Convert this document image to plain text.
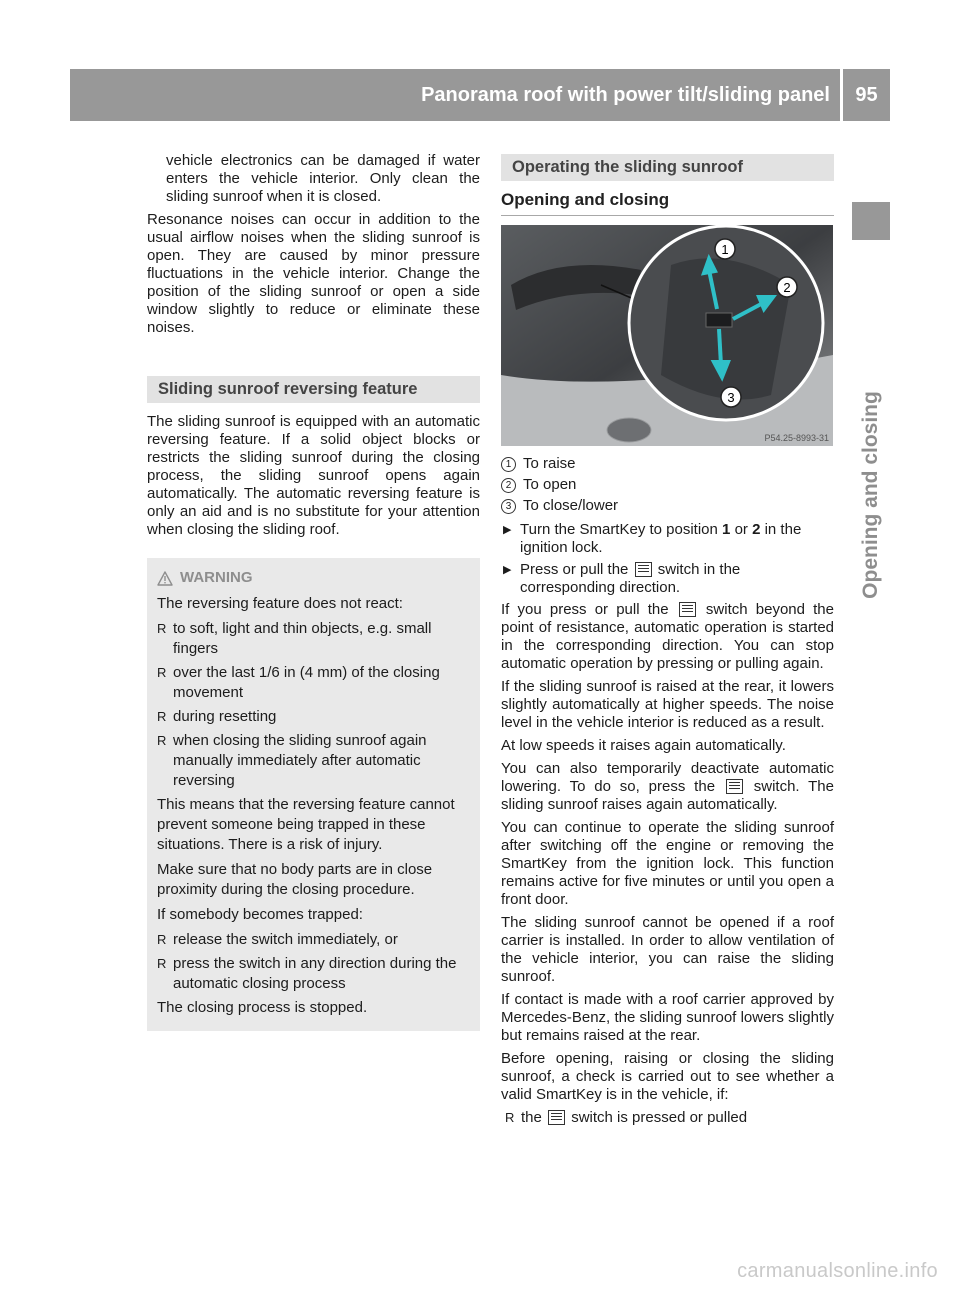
Panorama roof with power tilt/sliding panel	95
Opening and closing

vehicle electronics can be damaged if water enters the vehicle interior. Only clean the sliding sunroof when it is closed.

Resonance noises can occur in addition to the usual airflow noises when the sliding sunroof is open. They are caused by minor pressure fluctuations in the vehicle interior. Change the position of the sliding sunroof or open a side window slightly to reduce or eliminate these noises.

Sliding sunroof reversing feature

The sliding sunroof is equipped with an automatic reversing feature. If a solid object blocks or restricts the sliding sunroof during the closing process, the sliding sunroof opens again automatically. The automatic reversing feature is only an aid and is no substitute for your attention when closing the sliding roof.

WARNING

The reversing feature does not react:

R to soft, light and thin objects, e.g. small fingers
R over the last 1/6 in (4 mm) of the closing movement
R during resetting
R when closing the sliding sunroof again manually immediately after automatic reversing

This means that the reversing feature cannot prevent someone being trapped in these situations. There is a risk of injury.

Make sure that no body parts are in close proximity during the closing procedure.

If somebody becomes trapped:

R release the switch immediately, or
R press the switch in any direction during the automatic closing process

The closing process is stopped.

Operating the sliding sunroof
Opening and closing
1
2
3
P54.25-8993-31
1 To raise
2 To open
3 To close/lower
▶ Turn the SmartKey to position 1 or 2 in the ignition lock.
▶ Press or pull the switch in the corresponding direction.

If you press or pull the switch beyond the point of resistance, automatic operation is started in the corresponding direction. You can stop automatic operation by pressing or pulling again.

If the sliding sunroof is raised at the rear, it lowers slightly automatically at higher speeds. The noise level in the vehicle interior is reduced as a result.

At low speeds it raises again automatically.

You can also temporarily deactivate automatic lowering. To do so, press the	switch. The sliding sunroof raises again automatically.

You can continue to operate the sliding sunroof after switching off the engine or removing the SmartKey from the ignition lock. This function remains active for five minutes or until you open a front door.

The sliding sunroof cannot be opened if a roof carrier is installed. In order to allow ventilation of the vehicle interior, you can raise the sliding sunroof.

If contact is made with a roof carrier approved by Mercedes-Benz, the sliding sunroof lowers slightly but remains raised at the rear.

Before opening, raising or closing the sliding sunroof, a check is carried out to see whether a valid SmartKey is in the vehicle, if:

R the switch is pressed or pulled
carmanualsonline.info
